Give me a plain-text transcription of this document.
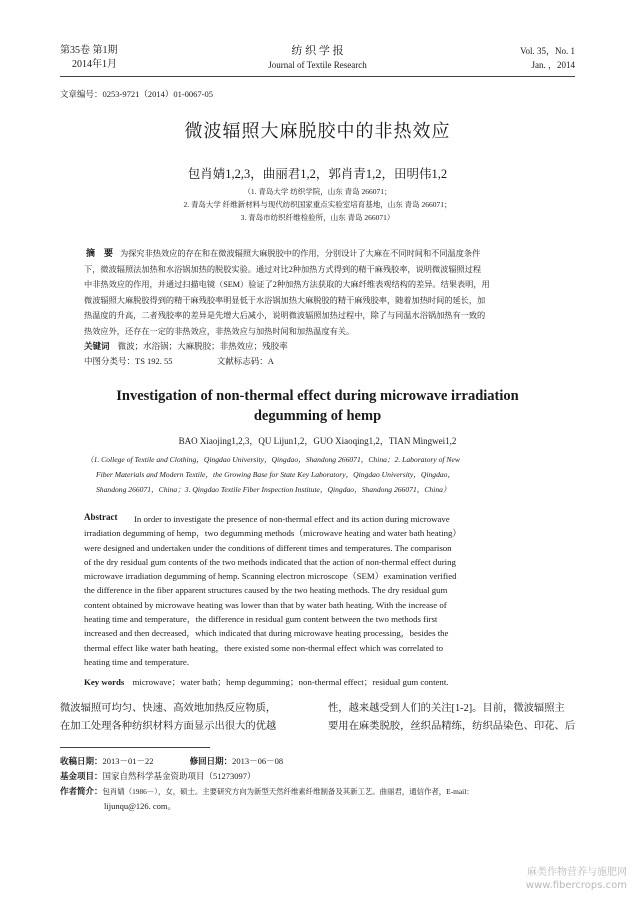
第35卷 第1期
2014年1月
纺 织 学 报
Journal of Textile Research
Vol. 35，No. 1
Jan. ，2014
文章编号：0253-9721（2014）01-0067-05
微波辐照大麻脱胶中的非热效应
包肖婧1,2,3，曲丽君1,2，郭肖青1,2，田明伟1,2
（1. 青岛大学 纺织学院，山东 青岛 266071；
2. 青岛大学 纤维新材料与现代纺织国家重点实验室培育基地，山东 青岛 266071；
3. 青岛市纺织纤维检验所，山东 青岛 266071）
摘　要 为探究非热效应的存在和在微波辐照大麻脱胶中的作用，分别设计了大麻在不同时间和不同温度条件
下，微波辐照法加热和水浴锅加热的脱胶实验。通过对比2种加热方式得到的精干麻残胶率，说明微波辐照过程
中非热效应的作用，并通过扫描电镜（SEM）验证了2种加热方法获取的大麻纤维表观结构的差异。结果表明，用
微波辐照大麻脱胶得到的精干麻残胶率明显低于水浴锅加热大麻脱胶的精干麻残胶率，随着加热时间的延长，加
热温度的升高，二者残胶率的差异是先增大后减小，说明微波辐照加热过程中，除了与同温水浴锅加热有一致的
热效应外，还存在一定的非热效应，非热效应与加热时间和加热温度有关。
关键词 微波；水浴锅；大麻脱胶；非热效应；残胶率
中图分类号：TS 192. 55	文献标志码：A
Investigation of non-thermal effect during microwave irradiation
degumming of hemp
BAO Xiaojing1,2,3，QU Lijun1,2，GUO Xiaoqing1,2，TIAN Mingwei1,2
（1. College of Textile and Clothing，Qingdao University，Qingdao，Shandong 266071，China；2. Laboratory of New
Fiber Materials and Modern Textile，the Growing Base for State Key Laboratory，Qingdao University，Qingdao，
Shandong 266071，China；3. Qingdao Textile Fiber Inspection Institute，Qingdao，Shandong 266071，China）
Abstract	In order to investigate the presence of non-thermal effect and its action during microwave
irradiation degumming of hemp，two degumming methods（microwave heating and water bath heating）
were designed and undertaken under the conditions of different times and temperatures. The comparison
of the dry residual gum contents of the two methods indicated that the action of non-thermal effect during
microwave irradiation degumming of hemp. Scanning electron microscope（SEM）examination verified
the difference in the fiber apparent structures caused by the two heating methods. The dry residual gum
content obtained by microwave heating was lower than that by water bath heating. With the increase of
heating time and temperature，the difference in residual gum content between the two methods first
increased and then decreased，which indicated that during microwave heating processing，besides the
thermal effect like water bath heating，there existed some non-thermal effect which was correlated to
heating time and temperature.
Key words microwave；water bath；hemp degumming；non-thermal effect；residual gum content.
微波辐照可均匀、快速、高效地加热反应物质，
在加工处理各种纺织材料方面显示出很大的优越
性，越来越受到人们的关注[1-2]。目前，微波辐照主
要用在麻类脱胶，丝织品精练，纺织品染色、印花、后
收稿日期：2013－01－22	修回日期：2013－06－08
基金项目：国家自然科学基金资助项目（51273097）
作者简介：包肖婧（1986－），女，硕士。主要研究方向为新型天然纤维素纤维制备及其新工艺。曲丽君，通信作者，E-mail：
lijunqu@126. com。
麻类作物营养与施肥网
www.fibercrops.com
